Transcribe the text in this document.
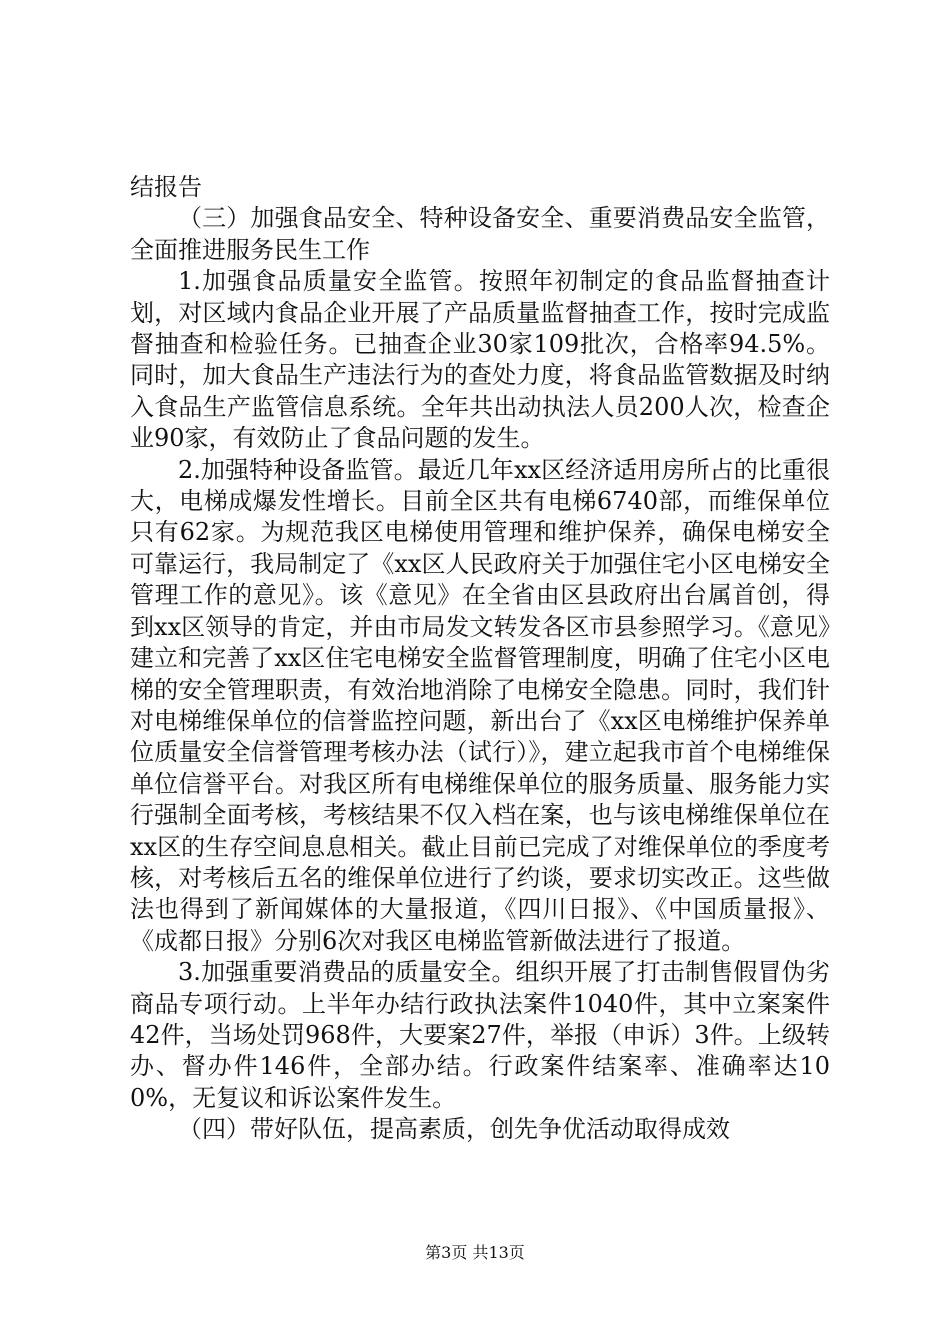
结报告

（三）加强食品安全、特种设备安全、重要消费品安全监管，全面推进服务民生工作

1.加强食品质量安全监管。按照年初制定的食品监督抽查计划，对区域内食品企业开展了产品质量监督抽查工作，按时完成监督抽查和检验任务。已抽查企业30家109批次，合格率94.5%。同时，加大食品生产违法行为的查处力度，将食品监管数据及时纳入食品生产监管信息系统。全年共出动执法人员200人次，检查企业90家，有效防止了食品问题的发生。

2.加强特种设备监管。最近几年xx区经济适用房所占的比重很大，电梯成爆发性增长。目前全区共有电梯6740部，而维保单位只有62家。为规范我区电梯使用管理和维护保养，确保电梯安全可靠运行，我局制定了《xx区人民政府关于加强住宅小区电梯安全管理工作的意见》。该《意见》在全省由区县政府出台属首创，得到xx区领导的肯定，并由市局发文转发各区市县参照学习。《意见》建立和完善了xx区住宅电梯安全监督管理制度，明确了住宅小区电梯的安全管理职责，有效治地消除了电梯安全隐患。同时，我们针对电梯维保单位的信誉监控问题，新出台了《xx区电梯维护保养单位质量安全信誉管理考核办法（试行）》，建立起我市首个电梯维保单位信誉平台。对我区所有电梯维保单位的服务质量、服务能力实行强制全面考核，考核结果不仅入档在案，也与该电梯维保单位在xx区的生存空间息息相关。截止目前已完成了对维保单位的季度考核，对考核后五名的维保单位进行了约谈，要求切实改正。这些做法也得到了新闻媒体的大量报道，《四川日报》、《中国质量报》、《成都日报》分别6次对我区电梯监管新做法进行了报道。

3.加强重要消费品的质量安全。组织开展了打击制售假冒伪劣商品专项行动。上半年办结行政执法案件1040件，其中立案案件42件，当场处罚968件，大要案27件，举报（申诉）3件。上级转办、督办件146件，全部办结。行政案件结案率、准确率达100%，无复议和诉讼案件发生。

（四）带好队伍，提高素质，创先争优活动取得成效

第3页 共13页
